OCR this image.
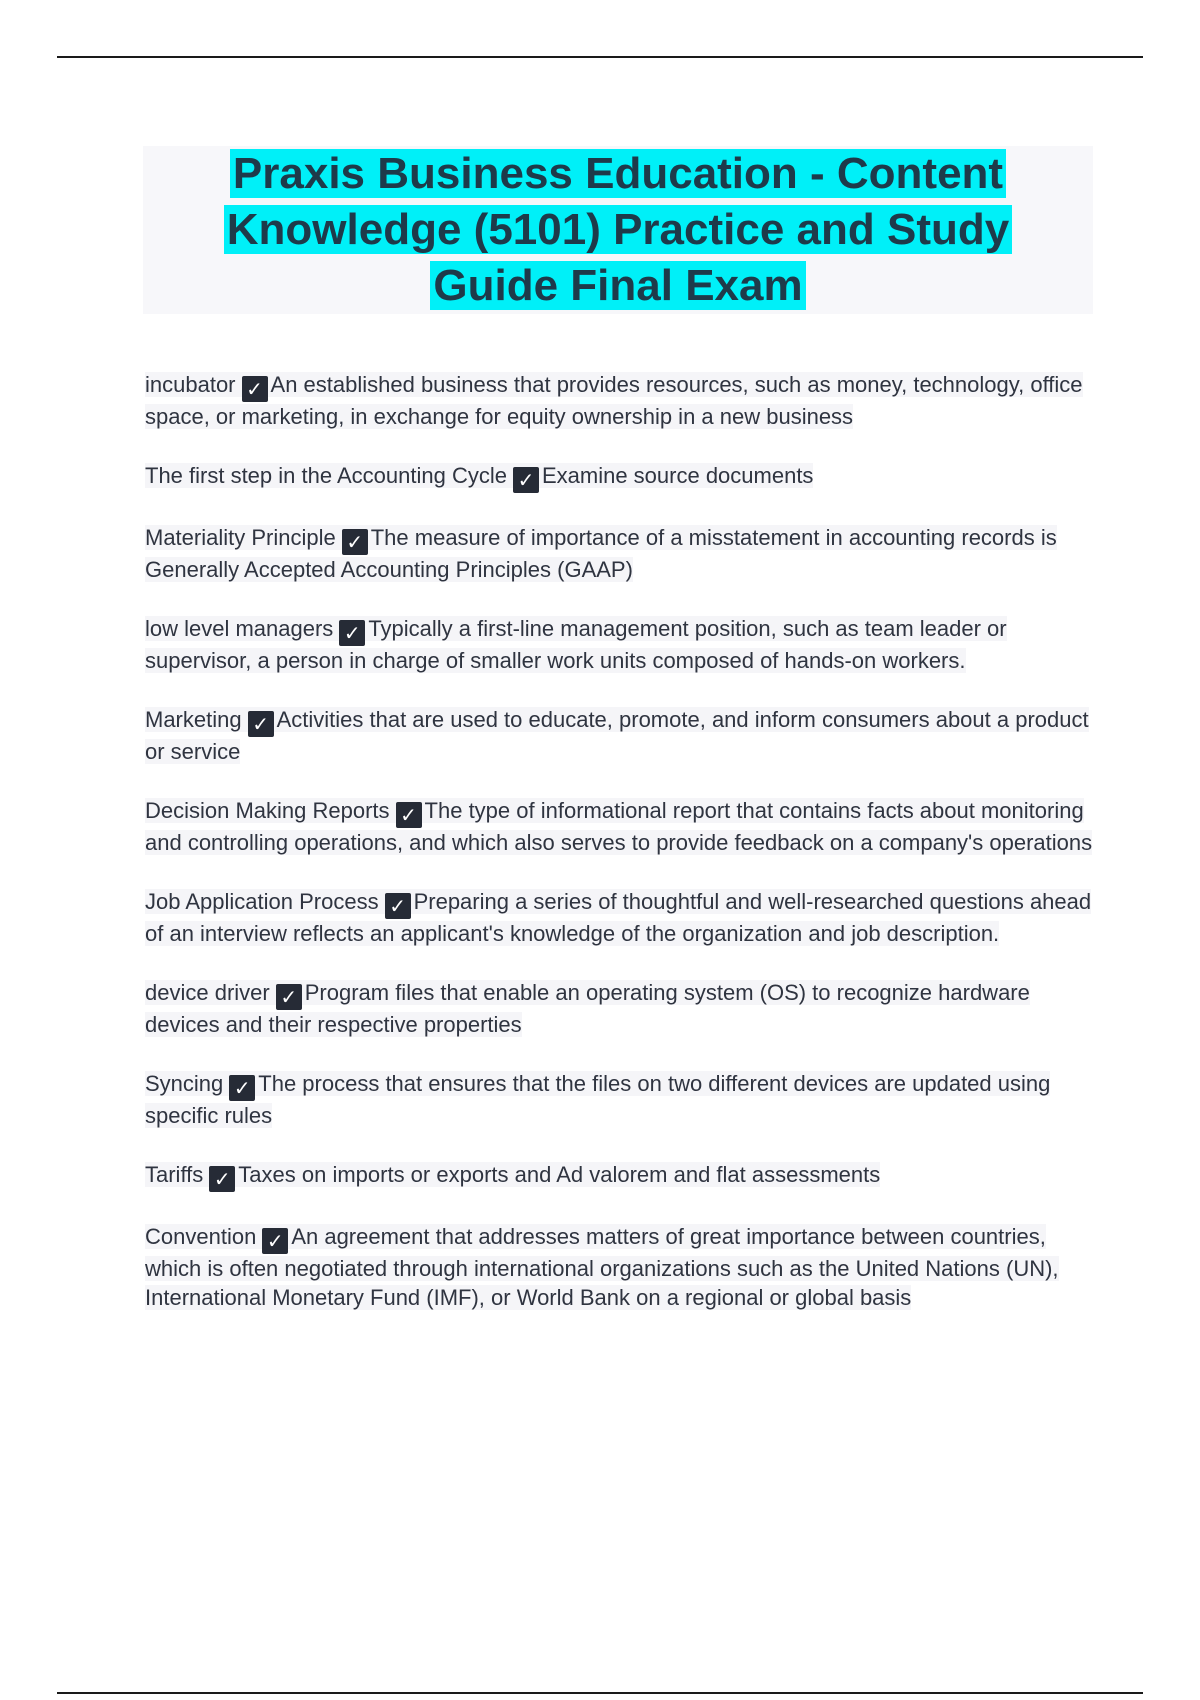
Praxis Business Education - Content Knowledge (5101) Practice and Study Guide Final Exam

incubator ✓ An established business that provides resources, such as money, technology, office space, or marketing, in exchange for equity ownership in a new business

The first step in the Accounting Cycle ✓ Examine source documents

Materiality Principle ✓ The measure of importance of a misstatement in accounting records is Generally Accepted Accounting Principles (GAAP)

low level managers ✓ Typically a first-line management position, such as team leader or supervisor, a person in charge of smaller work units composed of hands-on workers.

Marketing ✓ Activities that are used to educate, promote, and inform consumers about a product or service

Decision Making Reports ✓ The type of informational report that contains facts about monitoring and controlling operations, and which also serves to provide feedback on a company's operations

Job Application Process ✓ Preparing a series of thoughtful and well-researched questions ahead of an interview reflects an applicant's knowledge of the organization and job description.

device driver ✓ Program files that enable an operating system (OS) to recognize hardware devices and their respective properties

Syncing ✓ The process that ensures that the files on two different devices are updated using specific rules

Tariffs ✓ Taxes on imports or exports and Ad valorem and flat assessments

Convention ✓ An agreement that addresses matters of great importance between countries, which is often negotiated through international organizations such as the United Nations (UN), International Monetary Fund (IMF), or World Bank on a regional or global basis
